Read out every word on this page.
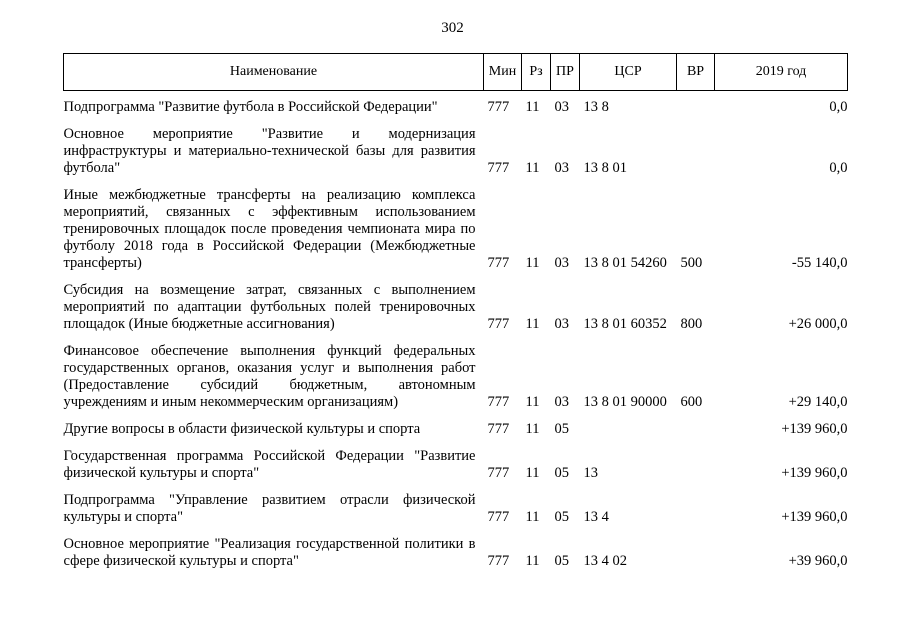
302
Наименование	Мин	Рз	ПР	ЦСР	ВР	2019 год
Подпрограмма "Развитие футбола в Российской Федерации"	777	11	03	13 8		0,0
Основное мероприятие "Развитие и модернизация инфраструктуры и материально-технической базы для развития футбола"	777	11	03	13 8 01		0,0
Иные межбюджетные трансферты на реализацию комплекса мероприятий, связанных с эффективным использованием тренировочных площадок после проведения чемпионата мира по футболу 2018 года в Российской Федерации (Межбюджетные трансферты)	777	11	03	13 8 01 54260	500	-55 140,0
Субсидия на возмещение затрат, связанных с выполнением мероприятий по адаптации футбольных полей тренировочных площадок (Иные бюджетные ассигнования)	777	11	03	13 8 01 60352	800	+26 000,0
Финансовое обеспечение выполнения функций федеральных государственных органов, оказания услуг и выполнения работ (Предоставление субсидий бюджетным, автономным учреждениям и иным некоммерческим организациям)	777	11	03	13 8 01 90000	600	+29 140,0
Другие вопросы в области физической культуры и спорта	777	11	05			+139 960,0
Государственная программа Российской Федерации "Развитие физической культуры и спорта"	777	11	05	13		+139 960,0
Подпрограмма "Управление развитием отрасли физической культуры и спорта"	777	11	05	13 4		+139 960,0
Основное мероприятие "Реализация государственной политики в сфере физической культуры и спорта"	777	11	05	13 4 02		+39 960,0
